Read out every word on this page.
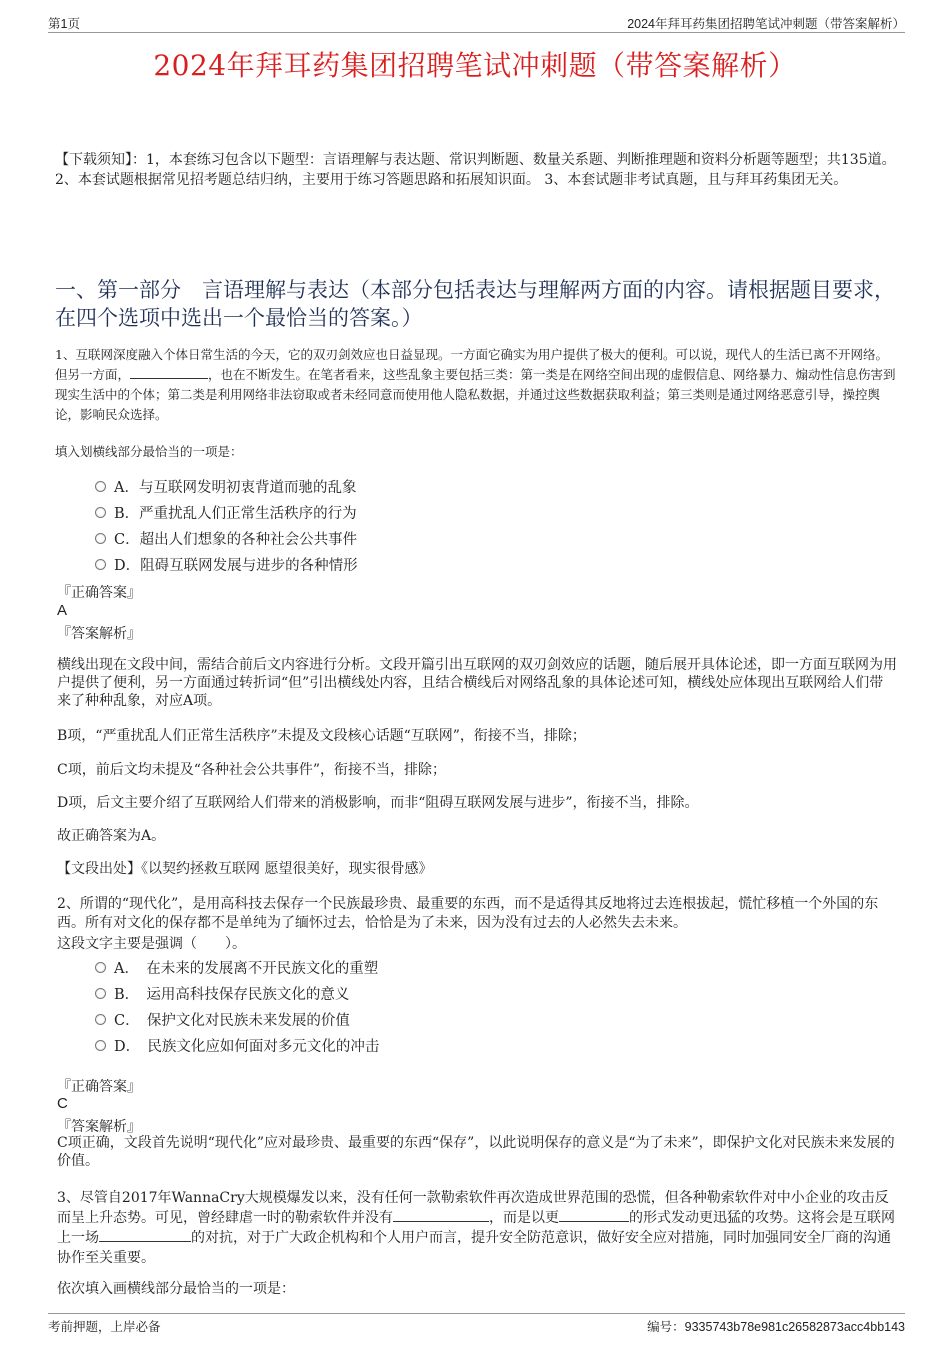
第1页	2024年拜耳药集团招聘笔试冲刺题（带答案解析）
2024年拜耳药集团招聘笔试冲刺题（带答案解析）
【下载须知】：1，本套练习包含以下题型：言语理解与表达题、常识判断题、数量关系题、判断推理题和资料分析题等题型；共135道。 2、本套试题根据常见招考题总结归纳，主要用于练习答题思路和拓展知识面。 3、本套试题非考试真题，且与拜耳药集团无关。
一、第一部分　言语理解与表达（本部分包括表达与理解两方面的内容。请根据题目要求，在四个选项中选出一个最恰当的答案。）
1、互联网深度融入个体日常生活的今天，它的双刃剑效应也日益显现。一方面它确实为用户提供了极大的便利。可以说，现代人的生活已离不开网络。但另一方面，	，也在不断发生。在笔者看来，这些乱象主要包括三类：第一类是在网络空间出现的虚假信息、网络暴力、煽动性信息伤害到现实生活中的个体；第二类是利用网络非法窃取或者未经同意而使用他人隐私数据，并通过这些数据获取利益；第三类则是通过网络恶意引导，操控舆论，影响民众选择。
填入划横线部分最恰当的一项是：
A．与互联网发明初衷背道而驰的乱象
B．严重扰乱人们正常生活秩序的行为
C．超出人们想象的各种社会公共事件
D．阻碍互联网发展与进步的各种情形
『正确答案』
A
『答案解析』
横线出现在文段中间，需结合前后文内容进行分析。文段开篇引出互联网的双刃剑效应的话题，随后展开具体论述，即一方面互联网为用户提供了便利，另一方面通过转折词“但”引出横线处内容，且结合横线后对网络乱象的具体论述可知，横线处应体现出互联网给人们带来了种种乱象，对应A项。
B项，“严重扰乱人们正常生活秩序”未提及文段核心话题“互联网”，衔接不当，排除；
C项，前后文均未提及“各种社会公共事件”，衔接不当，排除；
D项，后文主要介绍了互联网给人们带来的消极影响，而非“阻碍互联网发展与进步”，衔接不当，排除。
故正确答案为A。
【文段出处】《以契约拯救互联网 愿望很美好，现实很骨感》
2、所谓的“现代化”，是用高科技去保存一个民族最珍贵、最重要的东西，而不是适得其反地将过去连根拔起，慌忙移植一个外国的东西。所有对文化的保存都不是单纯为了缅怀过去，恰恰是为了未来，因为没有过去的人必然失去未来。
这段文字主要是强调（　　）。
A．　在未来的发展离不开民族文化的重塑
B．　运用高科技保存民族文化的意义
C．　保护文化对民族未来发展的价值
D．　民族文化应如何面对多元文化的冲击
『正确答案』
C
『答案解析』
C项正确，文段首先说明“现代化”应对最珍贵、最重要的东西“保存”，以此说明保存的意义是“为了未来”，即保护文化对民族未来发展的价值。
3、尽管自2017年WannaCry大规模爆发以来，没有任何一款勒索软件再次造成世界范围的恐慌，但各种勒索软件对中小企业的攻击反而呈上升态势。可见，曾经肆虐一时的勒索软件并没有	，而是以更	的形式发动更迅猛的攻势。这将会是互联网上一场	的对抗，对于广大政企机构和个人用户而言，提升安全防范意识，做好安全应对措施，同时加强同安全厂商的沟通协作至关重要。
依次填入画横线部分最恰当的一项是：
考前押题，上岸必备	编号：9335743b78e981c26582873acc4bb143
